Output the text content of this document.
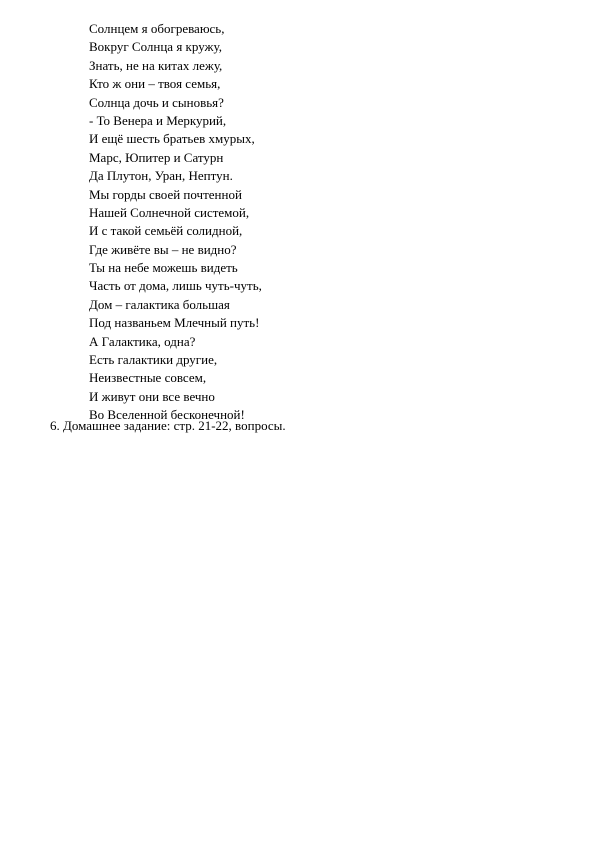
Солнцем я обогреваюсь,
Вокруг Солнца я кружу,
Знать, не на китах лежу,
Кто ж они – твоя семья,
Солнца дочь и сыновья?
- То Венера и Меркурий,
И ещё шесть братьев хмурых,
Марс, Юпитер и Сатурн
Да Плутон, Уран, Нептун.
Мы горды своей почтенной
Нашей Солнечной системой,
И с такой семьёй солидной,
Где живёте вы – не видно?
Ты на небе можешь видеть
Часть от дома, лишь чуть-чуть,
Дом – галактика большая
Под названьем Млечный путь!
А Галактика, одна?
Есть галактики другие,
Неизвестные совсем,
И живут они все вечно
Во Вселенной бесконечной!

6. Домашнее задание: стр. 21-22, вопросы.
